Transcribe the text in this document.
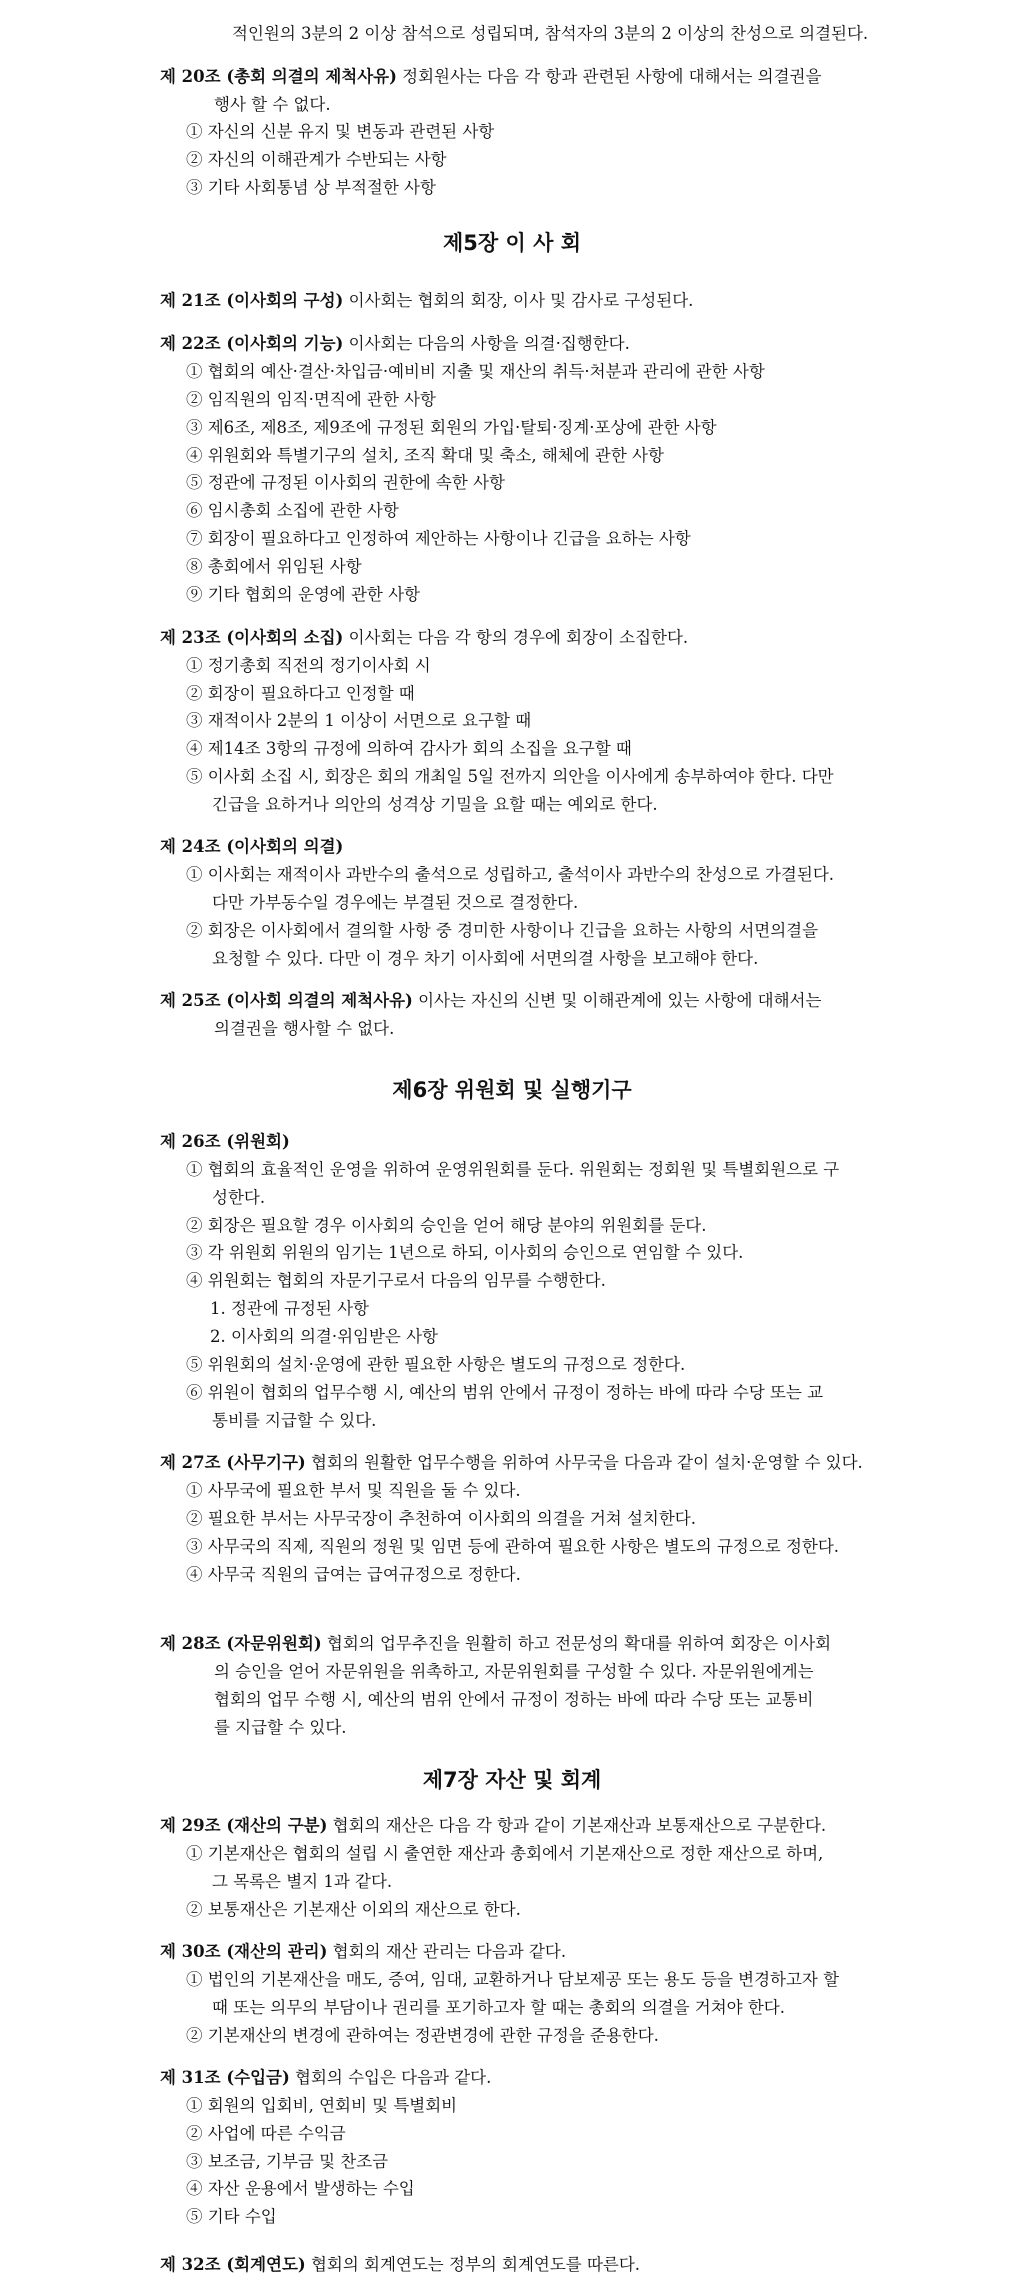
적인원의 3분의 2 이상 참석으로 성립되며, 참석자의 3분의 2 이상의 찬성으로 의결된다.
행사 할 수 없다.
① 자신의 신분 유지 및 변동과 관련된 사항
② 자신의 이해관계가 수반되는 사항
③ 기타 사회통념 상 부적절한 사항
① 협회의 예산·결산·차입금·예비비 지출 및 재산의 취득·처분과 관리에 관한 사항
② 임직원의 임직·면직에 관한 사항
③ 제6조, 제8조, 제9조에 규정된 회원의 가입·탈퇴·징계·포상에 관한 사항
④ 위원회와 특별기구의 설치, 조직 확대 및 축소, 해체에 관한 사항
⑤ 정관에 규정된 이사회의 권한에 속한 사항
⑥ 임시총회 소집에 관한 사항
⑦ 회장이 필요하다고 인정하여 제안하는 사항이나 긴급을 요하는 사항
⑧ 총회에서 위임된 사항
⑨ 기타 협회의 운영에 관한 사항
① 정기총회 직전의 정기이사회 시
② 회장이 필요하다고 인정할 때
③ 재적이사 2분의 1 이상이 서면으로 요구할 때
④ 제14조 3항의 규정에 의하여 감사가 회의 소집을 요구할 때
⑤ 이사회 소집 시, 회장은 회의 개최일 5일 전까지 의안을 이사에게 송부하여야 한다. 다만
긴급을 요하거나 의안의 성격상 기밀을 요할 때는 예외로 한다.
① 이사회는 재적이사 과반수의 출석으로 성립하고, 출석이사 과반수의 찬성으로 가결된다.
다만 가부동수일 경우에는 부결된 것으로 결정한다.
② 회장은 이사회에서 결의할 사항 중 경미한 사항이나 긴급을 요하는 사항의 서면의결을
요청할 수 있다. 다만 이 경우 차기 이사회에 서면의결 사항을 보고해야 한다.
의결권을 행사할 수 없다.
① 협회의 효율적인 운영을 위하여 운영위원회를 둔다. 위원회는 정회원 및 특별회원으로 구
성한다.
② 회장은 필요할 경우 이사회의 승인을 얻어 해당 분야의 위원회를 둔다.
③ 각 위원회 위원의 임기는 1년으로 하되, 이사회의 승인으로 연임할 수 있다.
④ 위원회는 협회의 자문기구로서 다음의 임무를 수행한다.
1. 정관에 규정된 사항
2. 이사회의 의결·위임받은 사항
⑤ 위원회의 설치·운영에 관한 필요한 사항은 별도의 규정으로 정한다.
⑥ 위원이 협회의 업무수행 시, 예산의 범위 안에서 규정이 정하는 바에 따라 수당 또는 교
통비를 지급할 수 있다.
① 사무국에 필요한 부서 및 직원을 둘 수 있다.
② 필요한 부서는 사무국장이 추천하여 이사회의 의결을 거쳐 설치한다.
③ 사무국의 직제, 직원의 정원 및 임면 등에 관하여 필요한 사항은 별도의 규정으로 정한다.
④ 사무국 직원의 급여는 급여규정으로 정한다.
의 승인을 얻어 자문위원을 위촉하고, 자문위원회를 구성할 수 있다. 자문위원에게는
협회의 업무 수행 시, 예산의 범위 안에서 규정이 정하는 바에 따라 수당 또는 교통비
를 지급할 수 있다.
① 기본재산은 협회의 설립 시 출연한 재산과 총회에서 기본재산으로 정한 재산으로 하며,
그 목록은 별지 1과 같다.
② 보통재산은 기본재산 이외의 재산으로 한다.
① 법인의 기본재산을 매도, 증여, 임대, 교환하거나 담보제공 또는 용도 등을 변경하고자 할
때 또는 의무의 부담이나 권리를 포기하고자 할 때는 총회의 의결을 거쳐야 한다.
② 기본재산의 변경에 관하여는 정관변경에 관한 규정을 준용한다.
① 회원의 입회비, 연회비 및 특별회비
② 사업에 따른 수익금
③ 보조금, 기부금 및 찬조금
④ 자산 운용에서 발생하는 수입
⑤ 기타 수입
제5장 이 사 회
제6장 위원회 및 실행기구
제7장 자산 및 회계
제 20조 (총회 의결의 제척사유) 정회원사는 다음 각 항과 관련된 사항에 대해서는 의결권을
제 21조 (이사회의 구성) 이사회는 협회의 회장, 이사 및 감사로 구성된다.
제 22조 (이사회의 기능) 이사회는 다음의 사항을 의결·집행한다.
제 23조 (이사회의 소집) 이사회는 다음 각 항의 경우에 회장이 소집한다.
제 24조 (이사회의 의결)
제 25조 (이사회 의결의 제척사유) 이사는 자신의 신변 및 이해관계에 있는 사항에 대해서는
제 26조 (위원회)
제 27조 (사무기구) 협회의 원활한 업무수행을 위하여 사무국을 다음과 같이 설치·운영할 수 있다.
제 28조 (자문위원회) 협회의 업무추진을 원활히 하고 전문성의 확대를 위하여 회장은 이사회
제 29조 (재산의 구분) 협회의 재산은 다음 각 항과 같이 기본재산과 보통재산으로 구분한다.
제 30조 (재산의 관리) 협회의 재산 관리는 다음과 같다.
제 31조 (수입금) 협회의 수입은 다음과 같다.
제 32조 (회계연도) 협회의 회계연도는 정부의 회계연도를 따른다.
